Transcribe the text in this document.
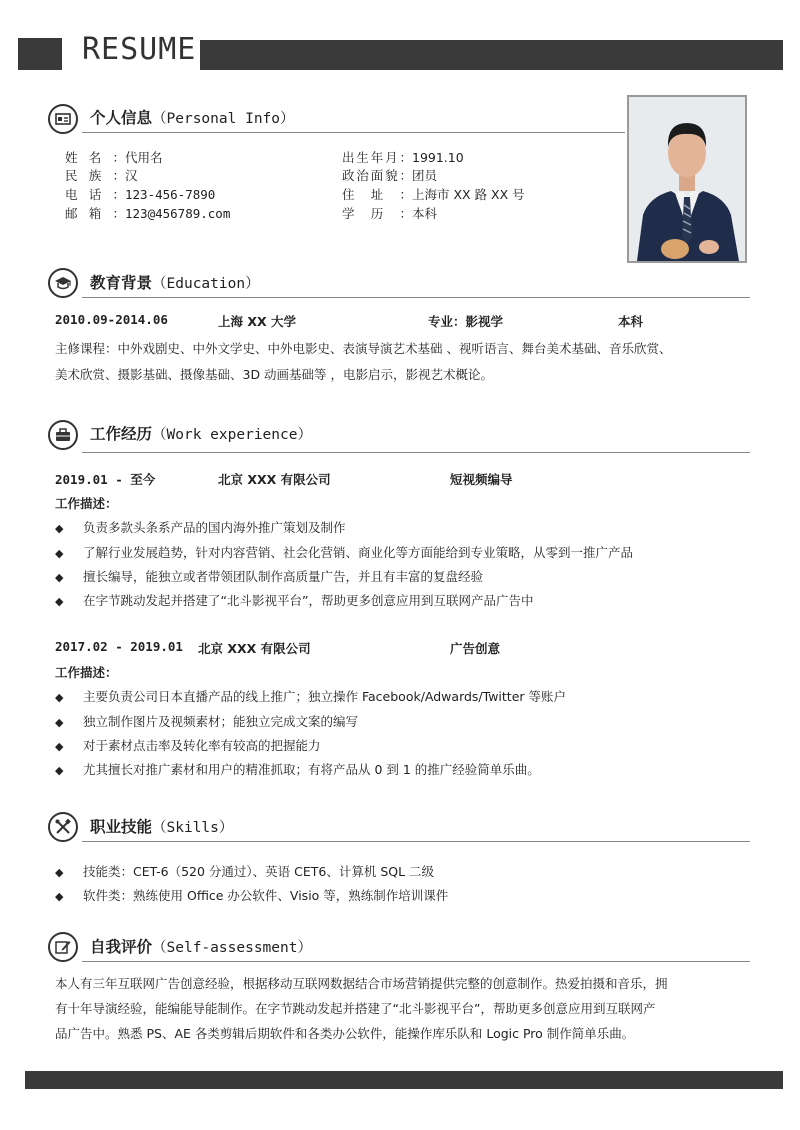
RESUME
个人信息（Personal Info）
姓名：代用名
民族：汉
电话：123-456-7890
邮箱：123@456789.com
出生年月：1991.10
政治面貌：团员
住址：上海市 XX 路 XX 号
学历：本科
教育背景（Education）
2010.09-2014.06	上海 XX 大学	专业：影视学	本科
主修课程：中外戏剧史、中外文学史、中外电影史、表演导演艺术基础 、视听语言、舞台美术基础、音乐欣赏、
美术欣赏、摄影基础、摄像基础、3D 动画基础等 ，电影启示，影视艺术概论。
工作经历（Work experience）
2019.01 - 至今	北京 XXX 有限公司	短视频编导
工作描述：
◆ 负责多款头条系产品的国内海外推广策划及制作
◆ 了解行业发展趋势，针对内容营销、社会化营销、商业化等方面能给到专业策略，从零到一推广产品
◆ 擅长编导，能独立或者带领团队制作高质量广告，并且有丰富的复盘经验
◆ 在字节跳动发起并搭建了“北斗影视平台”，帮助更多创意应用到互联网产品广告中
2017.02 - 2019.01 北京 XXX 有限公司	广告创意
工作描述：
◆ 主要负责公司日本直播产品的线上推广；独立操作 Facebook/Adwards/Twitter 等账户
◆ 独立制作图片及视频素材；能独立完成文案的编写
◆ 对于素材点击率及转化率有较高的把握能力
◆ 尤其擅长对推广素材和用户的精准抓取；有将产品从 0 到 1 的推广经验简单乐曲。
职业技能（Skills）
◆ 技能类：CET-6（520 分通过）、英语 CET6、计算机 SQL 二级
◆ 软件类：熟练使用 Office 办公软件、Visio 等，熟练制作培训课件
自我评价（Self-assessment）
本人有三年互联网广告创意经验，根据移动互联网数据结合市场营销提供完整的创意制作。热爱拍摄和音乐，拥
有十年导演经验，能编能导能制作。在字节跳动发起并搭建了“北斗影视平台”，帮助更多创意应用到互联网产
品广告中。熟悉 PS、AE 各类剪辑后期软件和各类办公软件，能操作库乐队和 Logic Pro 制作简单乐曲。
